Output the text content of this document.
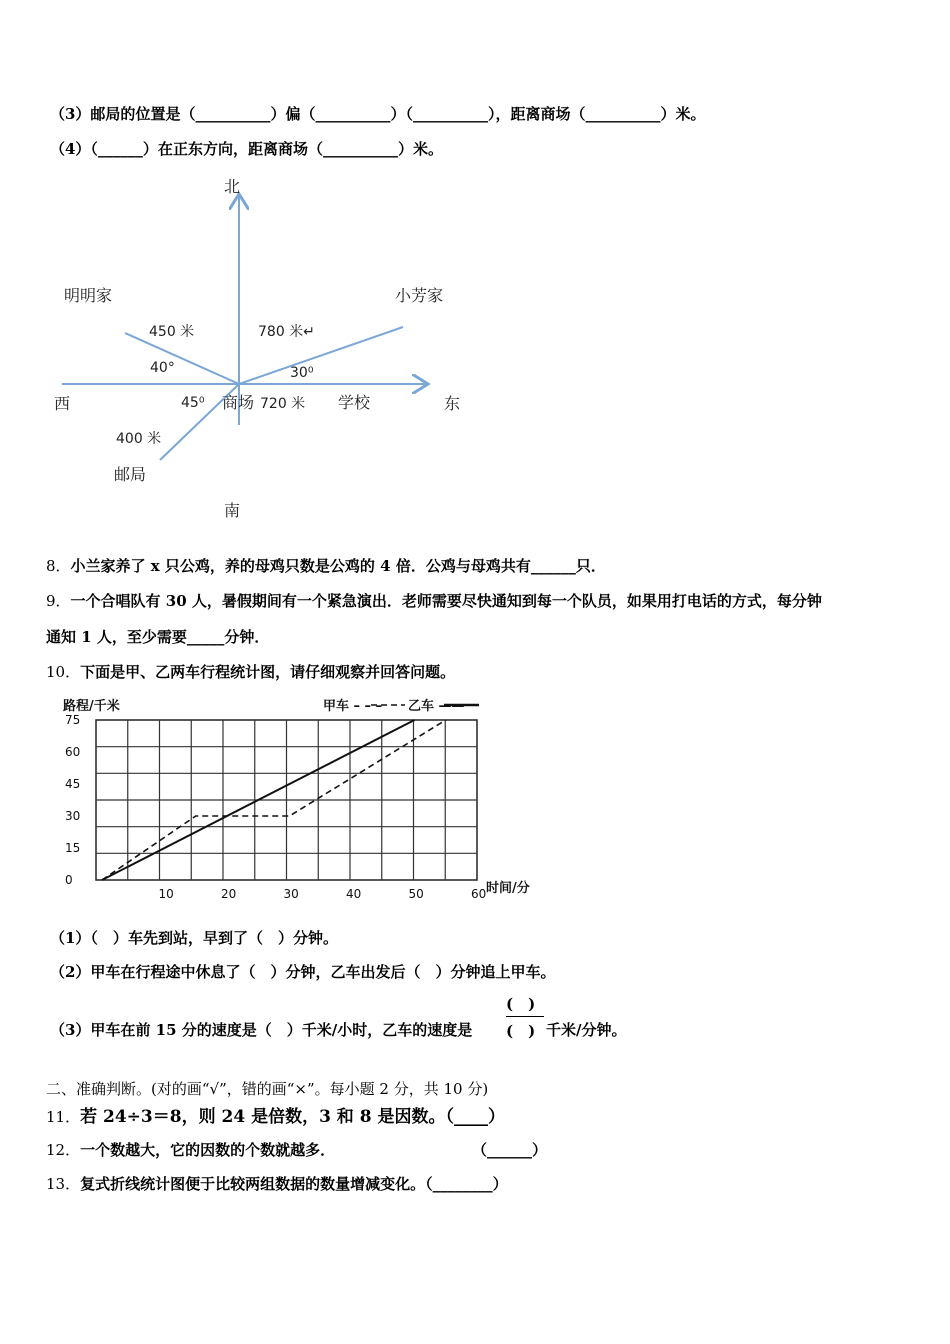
（3）邮局的位置是（__________）偏（__________）（__________），距离商场（__________）米。
（4）（______）在正东方向，距离商场（__________）米。
北
南
东
西
明明家	小芳家
商场	学校
邮局
450 米	780 米↵
720 米
400 米
40°	30⁰
45⁰
8．小兰家养了 x 只公鸡，养的母鸡只数是公鸡的 4 倍．公鸡与母鸡共有______只．
9．一个合唱队有 30 人，暑假期间有一个紧急演出．老师需要尽快通知到每一个队员，如果用打电话的方式，每分钟
通知 1 人，至少需要_____分钟．
10．下面是甲、乙两车行程统计图，请仔细观察并回答问题。
路程/千米	甲车 – – – 乙车 ——
时间/分
0
15
30
45
60
75
10	20	30	40	50	60
（1）（　）车先到站，早到了（　）分钟。
（2）甲车在行程途中休息了（　）分钟，乙车出发后（　）分钟追上甲车。
（3）甲车在前 15 分的速度是（　）千米/小时，乙车的速度是
(　)
(　) 千米/分钟。
二、准确判断。(对的画“√”，错的画“×”。每小题 2 分，共 10 分)
11．若 24÷3＝8，则 24 是倍数，3 和 8 是因数。（____）
12．一个数越大，它的因数的个数就越多．	（______）
13．复式折线统计图便于比较两组数据的数量增减变化。（________）
